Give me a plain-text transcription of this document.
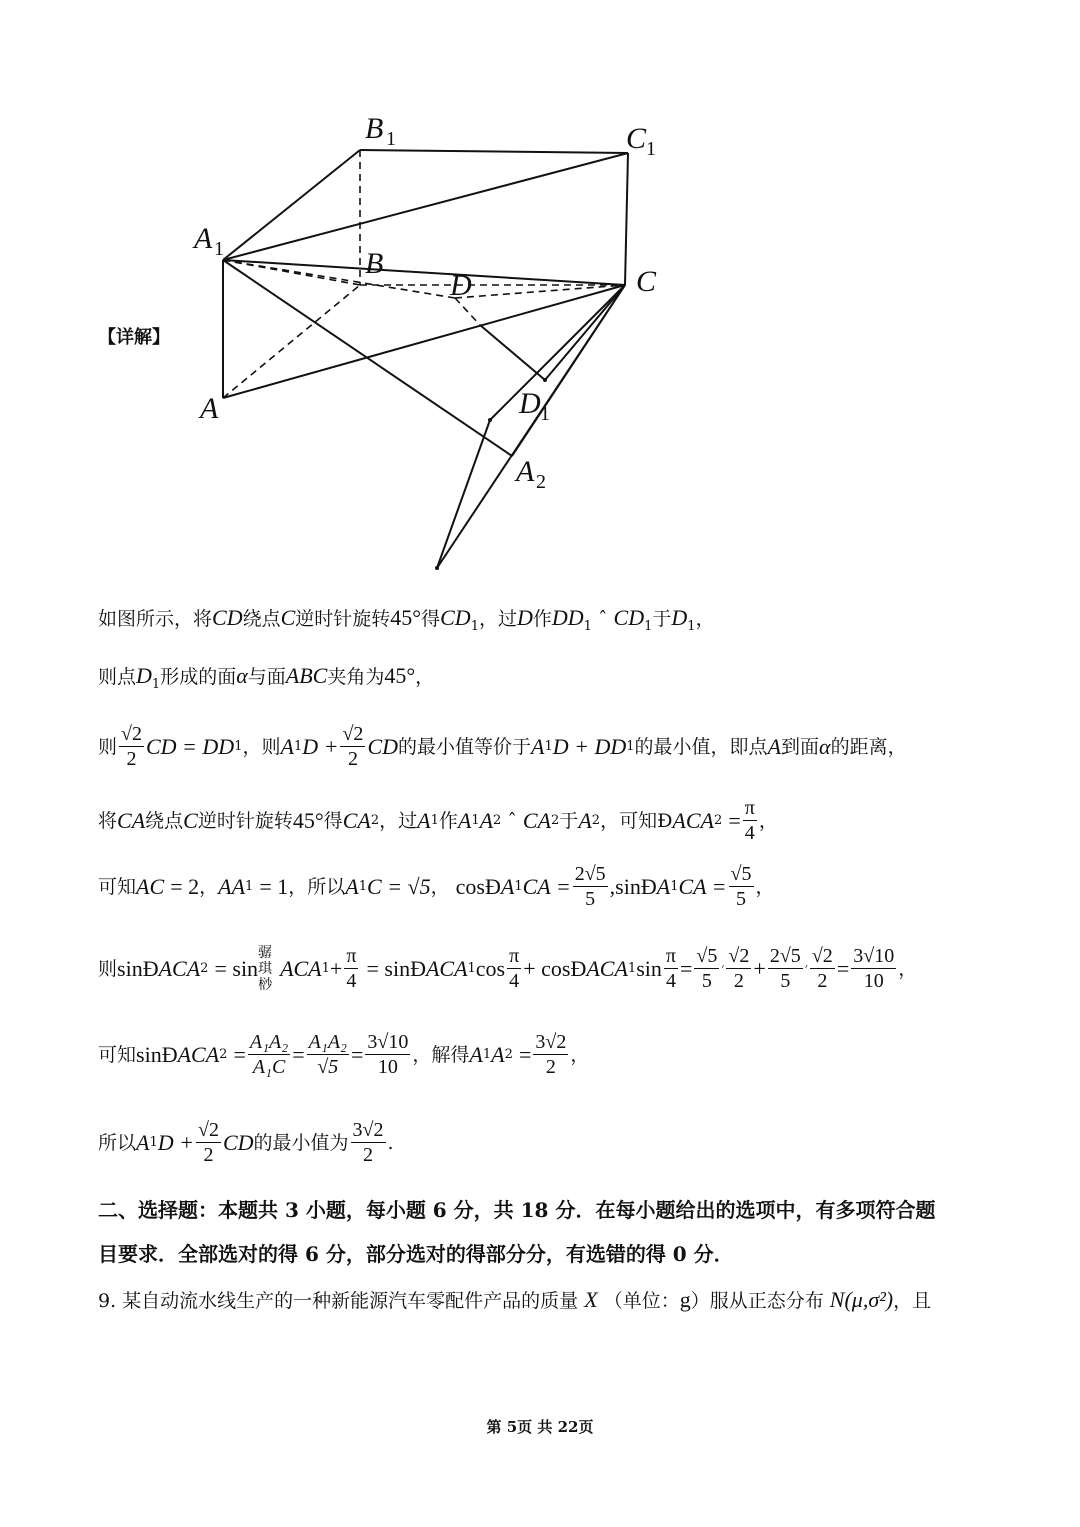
B 1	C 1
A 1	B
D	C
A	D 1
A 2
【详解】
如图所示，将CD绕点C逆时针旋转45°得$CD_1$，过D作$DD_1$ ˆ $CD_1$于$D_1$，
则点$D_1$形成的面α与面ABC夹角为45°，
则 $\frac{√2}{2}$ CD = DD 1 ，则 A 1 $D + \frac{√2}{2}$ CD 的最小值等价于 A 1 D + DD 1 的最小值，即点 A 到面 α 的距离，
将 CA 绕点 C 逆时针旋转 45° 得 CA 2 ，过 A 1 作 A 1 A 2
ˆ
CA 2 于 A 2 ，可知Ð ACA 2
= $\frac{\pi}{4}$ ，
可知 AC
= 2 ， AA 1
= 1 ，所以 A 1 C = √5 ，
cosÐ A 1 CA = $\frac{2√5}{5}$ ,sinÐ A 1 CA = $\frac{√5}{5}$ ，
则 sinÐ ACA 2
= sin
骣
琪
桫
ACA $1 + \frac{\pi}{4}$
= sinÐ ACA 1 $\cos \frac{\pi}{4}$ + cosÐ ACA 1 $\sin \frac{\pi}{4} = \frac{√5}{5}$ ׳ $\frac{√2}{2} + \frac{2√5}{5}$ ׳ $\frac{√2}{2} = \frac{3√10}{10}$ ，
可知 sinÐ ACA 2
= $\frac{\text{A₁A₂}}{\text{A₁C}} = \frac{\text{A₁A₂}}{√5} = \frac{3√10}{10}$ ，解得 A 1 A 2
= $\frac{3√2}{2}$ ，
所以 A 1 $D + \frac{√2}{2}$ CD 的最小值为 $\frac{3√2}{2}$ .
二、选择题：本题共 3 小题，每小题 6 分，共 18 分．在每小题给出的选项中，有多项符合题
目要求．全部选对的得 6 分，部分选对的得部分分，有选错的得 0 分．
9. 某自动流水线生产的一种新能源汽车零配件产品的质量 X （单位：g）服从正态分布 N(μ,σ²)，且
第 5页 共 22页
